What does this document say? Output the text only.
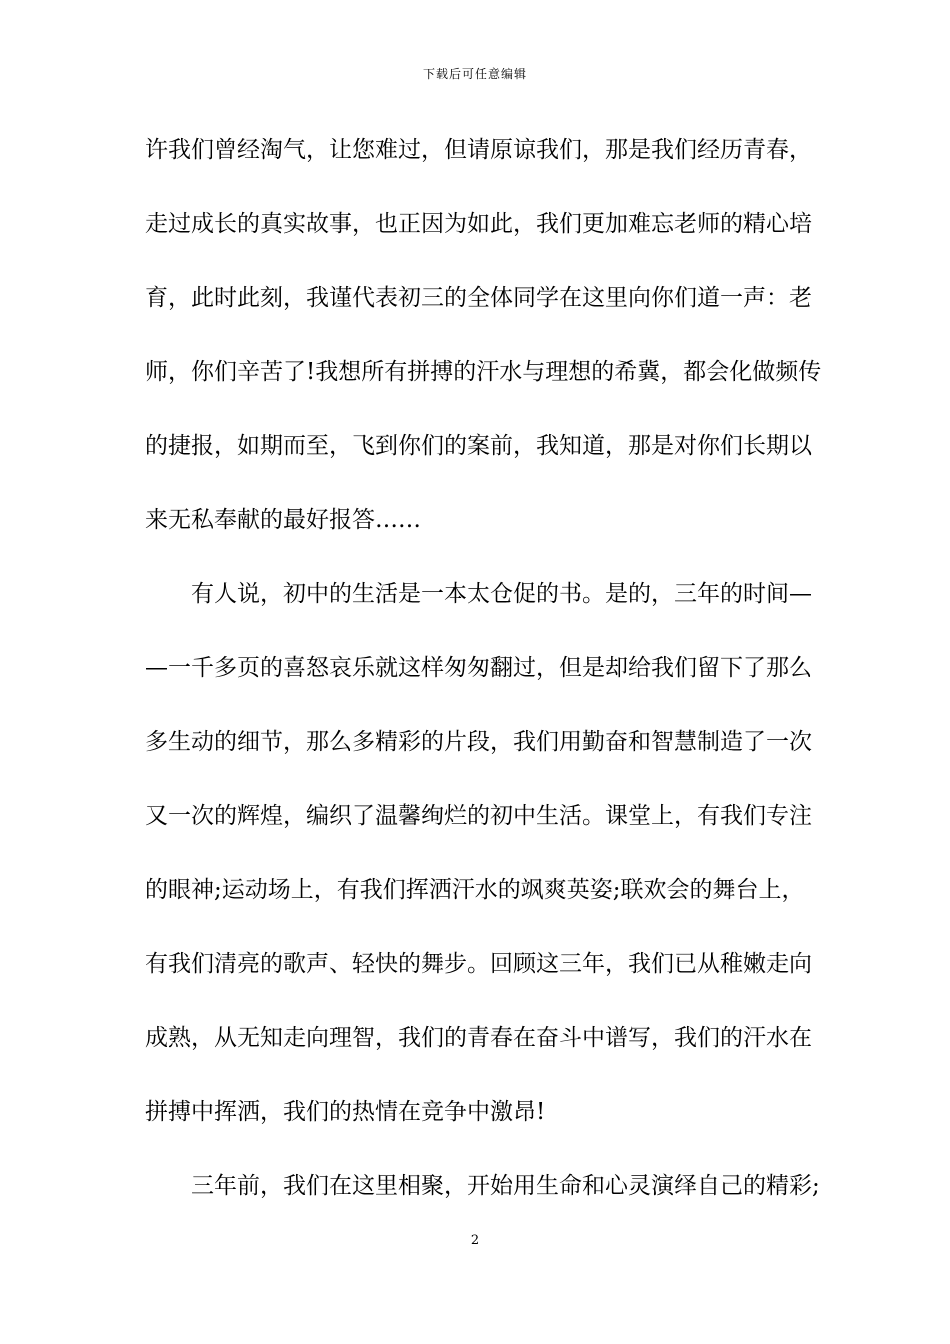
下载后可任意编辑
许我们曾经淘气，让您难过，但请原谅我们，那是我们经历青春，
走过成长的真实故事，也正因为如此，我们更加难忘老师的精心培
育，此时此刻，我谨代表初三的全体同学在这里向你们道一声：老
师，你们辛苦了!我想所有拼搏的汗水与理想的希冀，都会化做频传
的捷报，如期而至，飞到你们的案前，我知道，那是对你们长期以
来无私奉献的最好报答……
有人说，初中的生活是一本太仓促的书。是的，三年的时间—
—一千多页的喜怒哀乐就这样匆匆翻过，但是却给我们留下了那么
多生动的细节，那么多精彩的片段，我们用勤奋和智慧制造了一次
又一次的辉煌，编织了温馨绚烂的初中生活。课堂上，有我们专注
的眼神;运动场上，有我们挥洒汗水的飒爽英姿;联欢会的舞台上，
有我们清亮的歌声、轻快的舞步。回顾这三年，我们已从稚嫩走向
成熟，从无知走向理智，我们的青春在奋斗中谱写，我们的汗水在
拼搏中挥洒，我们的热情在竞争中激昂!
三年前，我们在这里相聚，开始用生命和心灵演绎自己的精彩;
2
